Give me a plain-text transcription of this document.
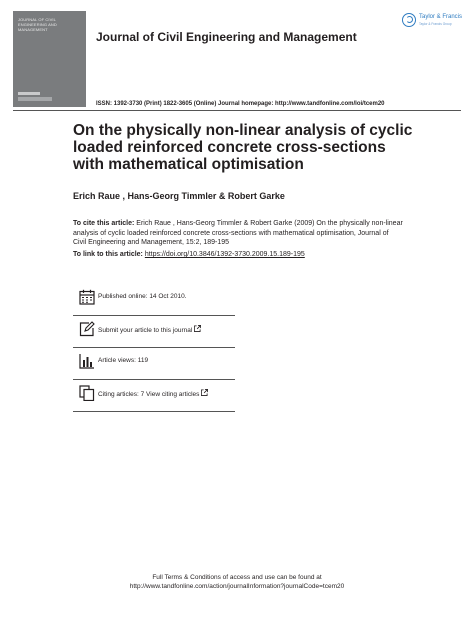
JOURNAL OF CIVIL ENGINEERING AND MANAGEMENT
Taylor & Francis
Taylor & Francis Group
Journal of Civil Engineering and Management
ISSN: 1392-3730 (Print) 1822-3605 (Online) Journal homepage: http://www.tandfonline.com/loi/tcem20
On the physically non-linear analysis of cyclic loaded reinforced concrete cross-sections with mathematical optimisation
Erich Raue , Hans-Georg Timmler & Robert Garke
To cite this article: Erich Raue , Hans-Georg Timmler & Robert Garke (2009) On the physically non-linear analysis of cyclic loaded reinforced concrete cross-sections with mathematical optimisation, Journal of Civil Engineering and Management, 15:2, 189-195
To link to this article: https://doi.org/10.3846/1392-3730.2009.15.189-195
Published online: 14 Oct 2010.
Submit your article to this journal
Article views: 119
Citing articles: 7 View citing articles
Full Terms & Conditions of access and use can be found at
http://www.tandfonline.com/action/journalInformation?journalCode=tcem20
